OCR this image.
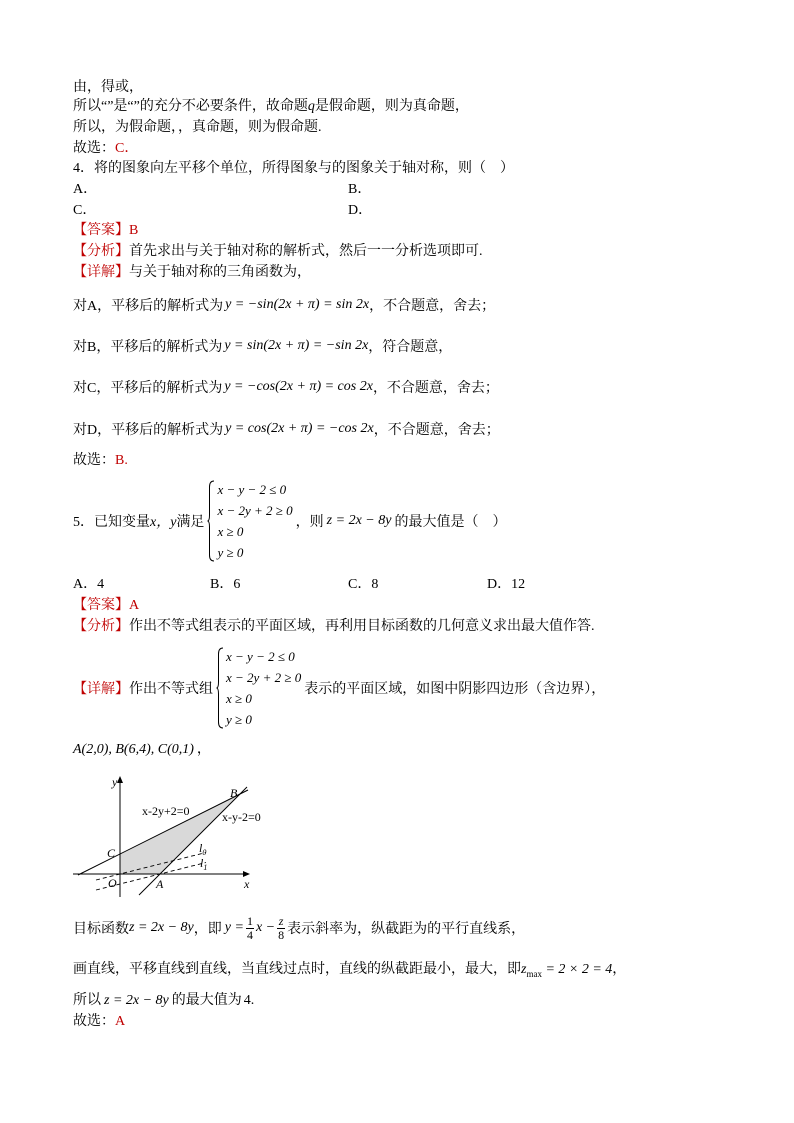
由，得或，
所以“”是“”的充分不必要条件，故命题q是假命题，则为真命题，
所以，为假命题，，真命题，则为假命题.
故选：C．
4．将的图象向左平移个单位，所得图象与的图象关于轴对称，则（　）
A．	B．
C．	D．
【答案】B
【分析】首先求出与关于轴对称的解析式，然后一一分析选项即可.
【详解】与关于轴对称的三角函数为，
对A，平移后的解析式为 y = −sin(2x + π) = sin 2x ，不合题意，舍去；
对B，平移后的解析式为 y = sin(2x + π) = −sin 2x ，符合题意，
对C，平移后的解析式为 y = −cos(2x + π) = cos 2x ，不合题意，舍去；
对D，平移后的解析式为 y = cos(2x + π) = −cos 2x ，不合题意，舍去；
故选：B.
5．已知变量 x，y 满足
x − y − 2 ≤ 0
x − 2y + 2 ≥ 0
x ≥ 0
y ≥ 0
，则 z = 2x − 8y 的最大值是（　）
A．4	B．6	C．8	D．12
【答案】A
【分析】作出不等式组表示的平面区域，再利用目标函数的几何意义求出最大值作答.
【详解】 作出不等式组
x − y − 2 ≤ 0
x − 2y + 2 ≥ 0
x ≥ 0
y ≥ 0
表示的平面区域，如图中阴影四边形（含边界），
A(2,0), B(6,4), C(0,1) ，
y
x
O
C
A
B
x-2y+2=0	x-y-2=0
$l_0$
$l_1$
目标函数 z = 2x − 8y ，即 $y = \frac{1}{4}$ $x - \frac{z}{8}$ 表示斜率为，纵截距为的平行直线系，
画直线，平移直线到直线，当直线过点时，直线的纵截距最小，最大，即$z_{max} = 2 \times 2 = 4$，
所以 z = 2x − 8y 的最大值为 4.
故选：A
